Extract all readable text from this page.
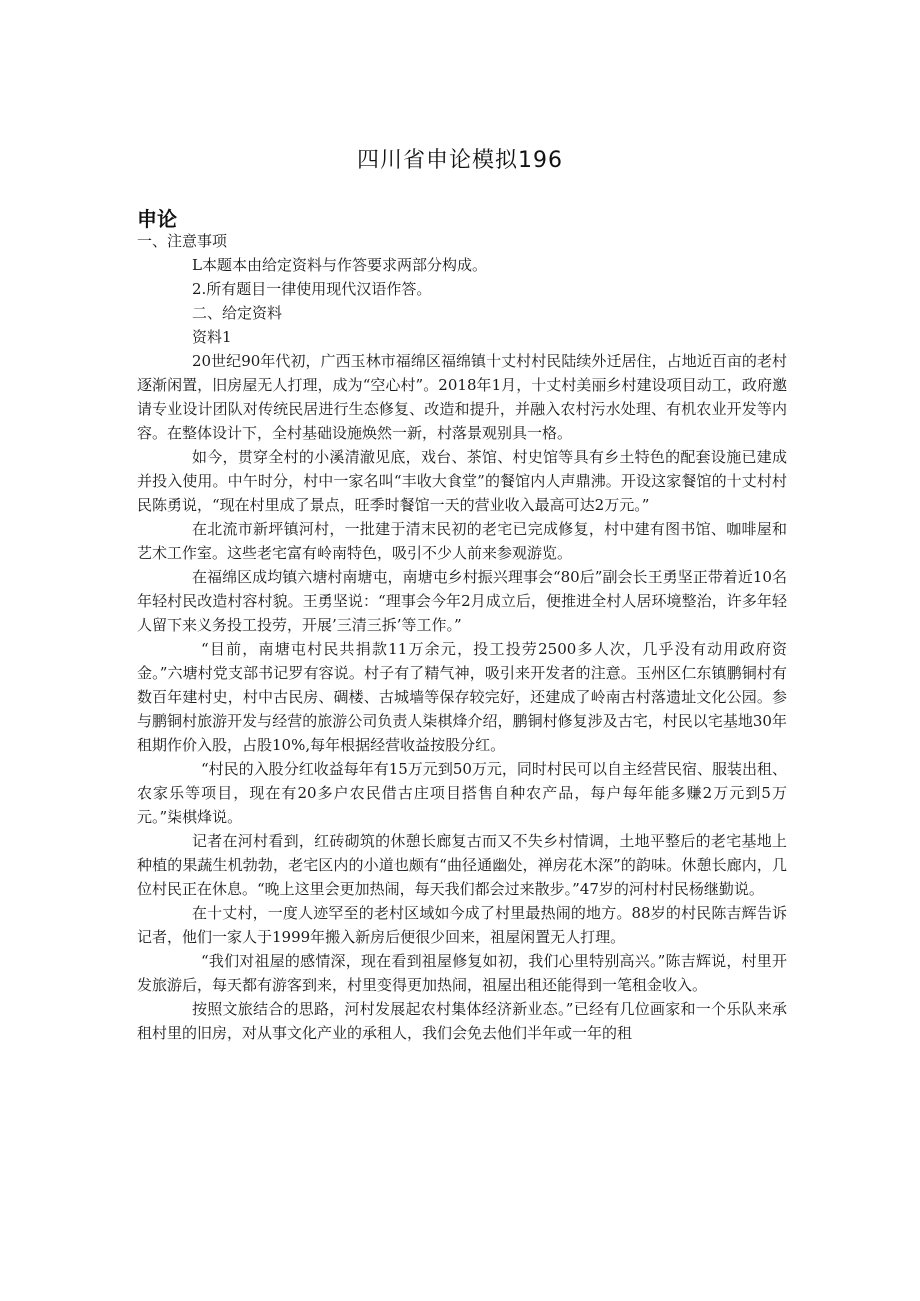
四川省申论模拟196
申论

一、注意事项

L本题本由给定资料与作答要求两部分构成。

2.所有题目一律使用现代汉语作答。

二、给定资料

资料1

20世纪90年代初，广西玉林市福绵区福绵镇十丈村村民陆续外迁居住，占地近百亩的老村逐渐闲置，旧房屋无人打理，成为“空心村”。2018年1月，十丈村美丽乡村建设项目动工，政府邀请专业设计团队对传统民居进行生态修复、改造和提升，并融入农村污水处理、有机农业开发等内容。在整体设计下，全村基础设施焕然一新，村落景观别具一格。

如今，贯穿全村的小溪清澈见底，戏台、茶馆、村史馆等具有乡土特色的配套设施已建成并投入使用。中午时分，村中一家名叫“丰收大食堂”的餐馆内人声鼎沸。开设这家餐馆的十丈村村民陈勇说，“现在村里成了景点，旺季时餐馆一天的营业收入最高可达2万元。”

在北流市新坪镇河村，一批建于清末民初的老宅已完成修复，村中建有图书馆、咖啡屋和艺术工作室。这些老宅富有岭南特色，吸引不少人前来参观游览。

在福绵区成均镇六塘村南塘屯，南塘屯乡村振兴理事会“80后”副会长王勇坚正带着近10名年轻村民改造村容村貌。王勇坚说：“理事会今年2月成立后，便推进全村人居环境整治，许多年轻人留下来义务投工投劳，开展’三清三拆’等工作。”

“目前，南塘屯村民共捐款11万余元，投工投劳2500多人次，几乎没有动用政府资金。”六塘村党支部书记罗有容说。村子有了精气神，吸引来开发者的注意。玉州区仁东镇鹏铜村有数百年建村史，村中古民房、碉楼、古城墙等保存较完好，还建成了岭南古村落遗址文化公园。参与鹏铜村旅游开发与经营的旅游公司负责人柒棋烽介绍，鹏铜村修复涉及古宅，村民以宅基地30年租期作价入股，占股10%,每年根据经营收益按股分红。

“村民的入股分红收益每年有15万元到50万元，同时村民可以自主经营民宿、服装出租、农家乐等项目，现在有20多户农民借古庄项目搭售自种农产品，每户每年能多赚2万元到5万元。”柒棋烽说。

记者在河村看到，红砖砌筑的休憩长廊复古而又不失乡村情调，土地平整后的老宅基地上种植的果蔬生机勃勃，老宅区内的小道也颇有“曲径通幽处，禅房花木深”的韵味。休憩长廊内，几位村民正在休息。“晚上这里会更加热闹，每天我们都会过来散步。”47岁的河村村民杨继勤说。

在十丈村，一度人迹罕至的老村区域如今成了村里最热闹的地方。88岁的村民陈吉辉告诉记者，他们一家人于1999年搬入新房后便很少回来，祖屋闲置无人打理。

“我们对祖屋的感情深，现在看到祖屋修复如初，我们心里特别高兴。”陈吉辉说，村里开发旅游后，每天都有游客到来，村里变得更加热闹，祖屋出租还能得到一笔租金收入。

按照文旅结合的思路，河村发展起农村集体经济新业态。”已经有几位画家和一个乐队来承租村里的旧房，对从事文化产业的承租人，我们会免去他们半年或一年的租
